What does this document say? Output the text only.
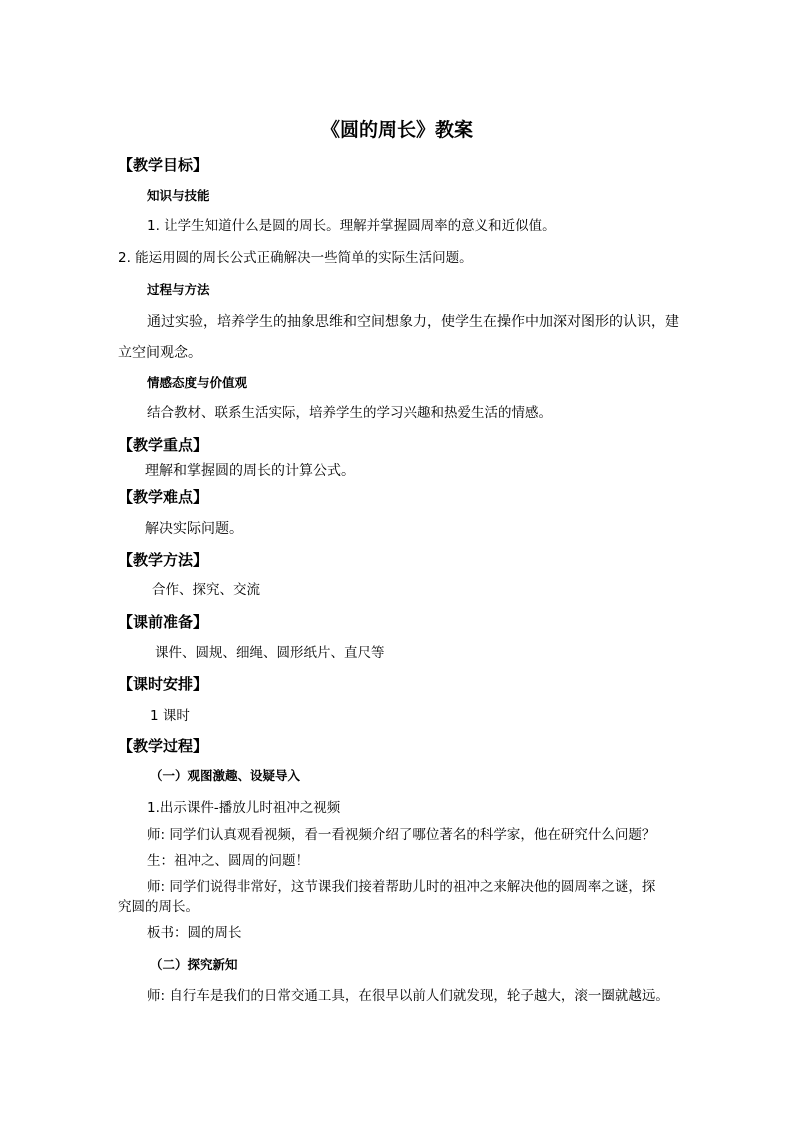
《圆的周长》教案
【教学目标】
知识与技能
1. 让学生知道什么是圆的周长。理解并掌握圆周率的意义和近似值。
2. 能运用圆的周长公式正确解决一些简单的实际生活问题。
过程与方法
通过实验，培养学生的抽象思维和空间想象力，使学生在操作中加深对图形的认识，建
立空间观念。
情感态度与价值观
结合教材、联系生活实际，培养学生的学习兴趣和热爱生活的情感。
【教学重点】
理解和掌握圆的周长的计算公式。
【教学难点】
解决实际问题。
【教学方法】
合作、探究、交流
【课前准备】
课件、圆规、细绳、圆形纸片、直尺等
【课时安排】
1 课时
【教学过程】
（一）观图激趣、设疑导入
1.出示课件-播放儿时祖冲之视频
师: 同学们认真观看视频，看一看视频介绍了哪位著名的科学家，他在研究什么问题？
生：祖冲之、圆周的问题！
师: 同学们说得非常好，这节课我们接着帮助儿时的祖冲之来解决他的圆周率之谜，探
究圆的周长。
板书：圆的周长
（二）探究新知
师: 自行车是我们的日常交通工具，在很早以前人们就发现，轮子越大，滚一圈就越远。
